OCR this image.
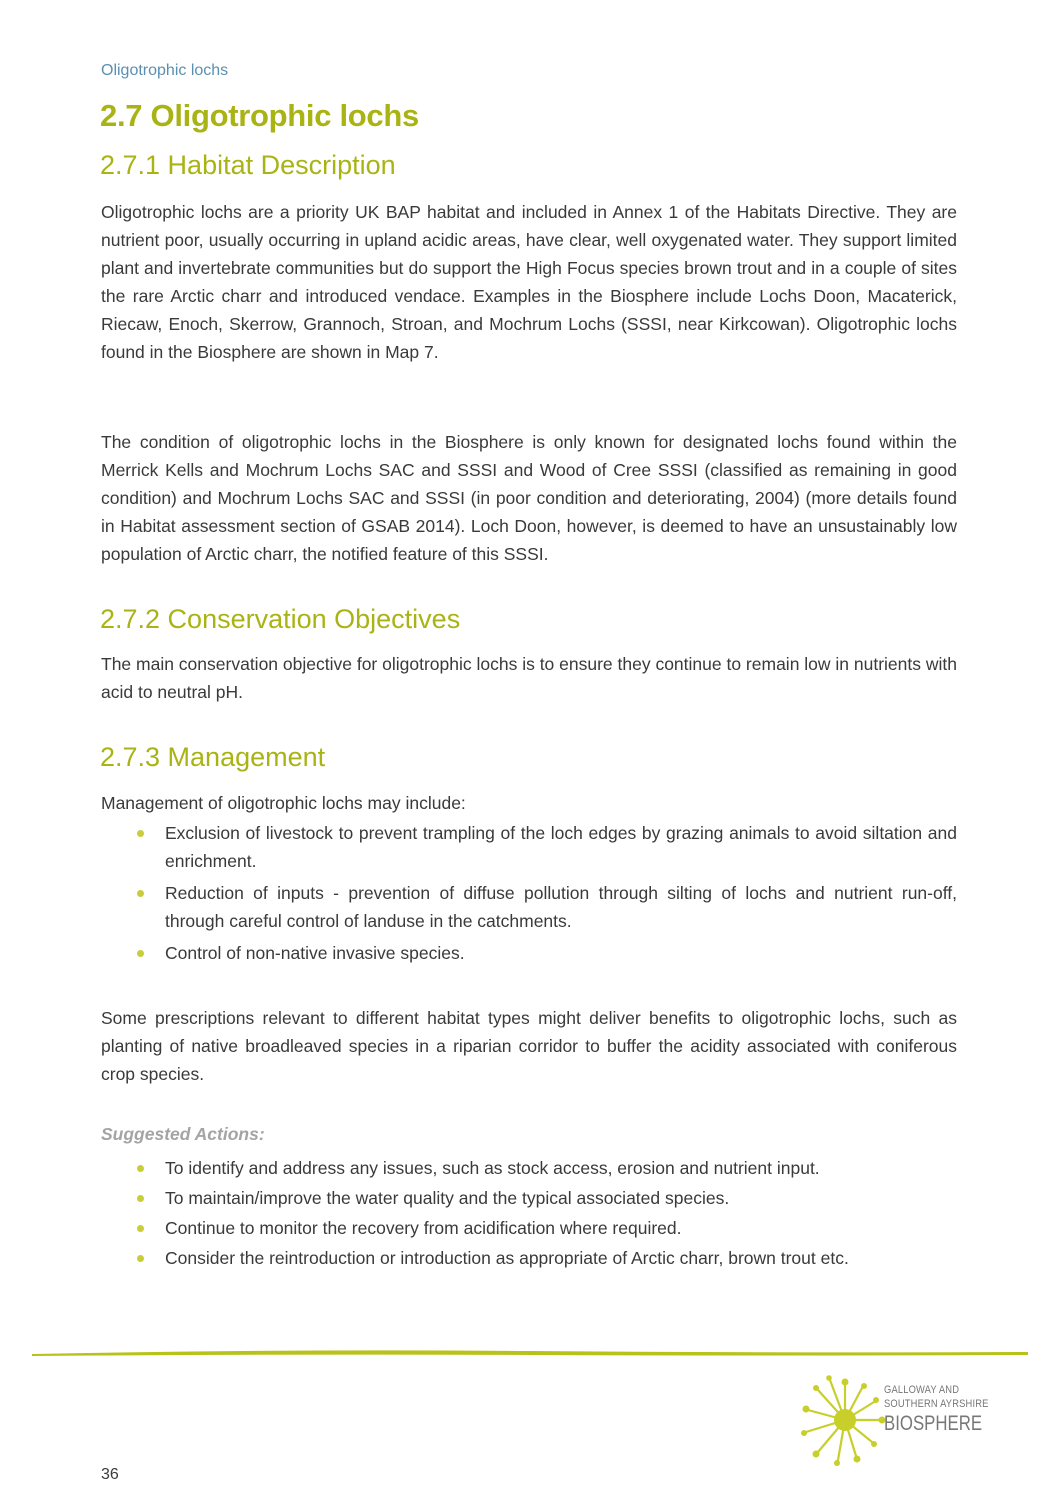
Oligotrophic lochs
2.7 Oligotrophic lochs
2.7.1 Habitat Description

Oligotrophic lochs are a priority UK BAP habitat and included in Annex 1 of the Habitats Directive. They are nutrient poor, usually occurring in upland acidic areas, have clear, well oxygenated water. They support limited plant and invertebrate communities but do support the High Focus species brown trout and in a couple of sites the rare Arctic charr and introduced vendace. Examples in the Biosphere include Lochs Doon, Macaterick, Riecaw, Enoch, Skerrow, Grannoch, Stroan, and Mochrum Lochs (SSSI, near Kirkcowan). Oligotrophic lochs found in the Biosphere are shown in Map 7.

The condition of oligotrophic lochs in the Biosphere is only known for designated lochs found within the Merrick Kells and Mochrum Lochs SAC and SSSI and Wood of Cree SSSI (classified as remaining in good condition) and Mochrum Lochs SAC and SSSI (in poor condition and deteriorating, 2004) (more details found in Habitat assessment section of GSAB 2014). Loch Doon, however, is deemed to have an unsustainably low population of Arctic charr, the notified feature of this SSSI.

2.7.2 Conservation Objectives

The main conservation objective for oligotrophic lochs is to ensure they continue to remain low in nutrients with acid to neutral pH.

2.7.3 Management

Management of oligotrophic lochs may include:

Exclusion of livestock to prevent trampling of the loch edges by grazing animals to avoid siltation and enrichment.
Reduction of inputs - prevention of diffuse pollution through silting of lochs and nutrient run-off, through careful control of landuse in the catchments.
Control of non-native invasive species.

Some prescriptions relevant to different habitat types might deliver benefits to oligotrophic lochs, such as planting of native broadleaved species in a riparian corridor to buffer the acidity associated with coniferous crop species.

Suggested Actions:

To identify and address any issues, such as stock access, erosion and nutrient input.
To maintain/improve the water quality and the typical associated species.
Continue to monitor the recovery from acidification where required.
Consider the reintroduction or introduction as appropriate of Arctic charr, brown trout etc.
36
GALLOWAY AND
SOUTHERN AYRSHIRE
BIOSPHERE
